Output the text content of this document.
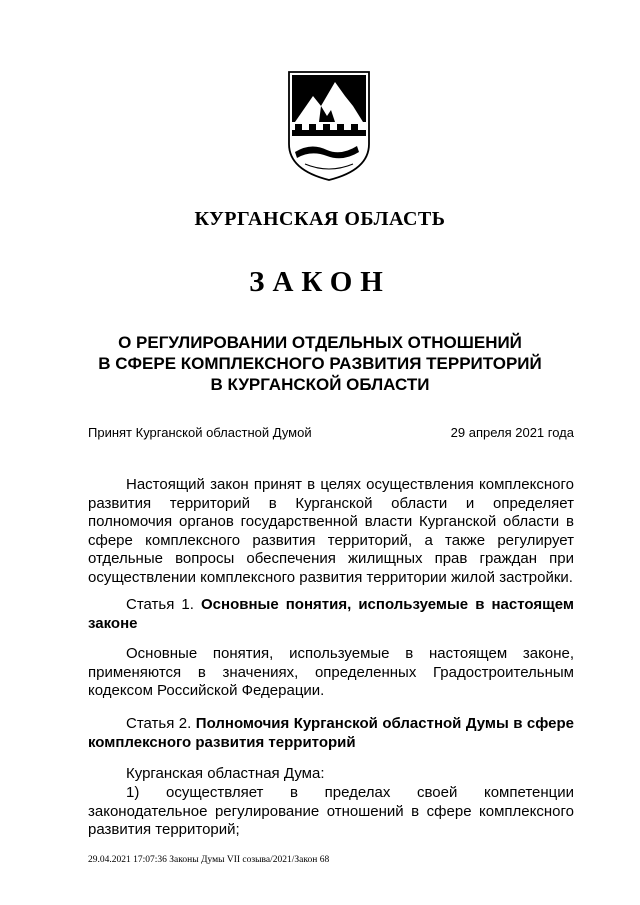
КУРГАНСКАЯ ОБЛАСТЬ
ЗАКОН
О РЕГУЛИРОВАНИИ ОТДЕЛЬНЫХ ОТНОШЕНИЙ
В СФЕРЕ КОМПЛЕКСНОГО РАЗВИТИЯ ТЕРРИТОРИЙ
В КУРГАНСКОЙ ОБЛАСТИ
Принят Курганской областной Думой	29 апреля 2021 года

Настоящий закон принят в целях осуществления комплексного развития территорий в Курганской области и определяет полномочия органов государственной власти Курганской области в сфере комплексного развития территорий, а также регулирует отдельные вопросы обеспечения жилищных прав граждан при осуществлении комплексного развития территории жилой застройки.

Статья 1. Основные понятия, используемые в настоящем законе

Основные понятия, используемые в настоящем законе, применяются в значениях, определенных Градостроительным кодексом Российской Федерации.

Статья 2. Полномочия Курганской областной Думы в сфере комплексного развития территорий

Курганская областная Дума:

1) осуществляет в пределах своей компетенции законодательное регулирование отношений в сфере комплексного развития территорий;

29.04.2021 17:07:36 Законы Думы VII созыва/2021/Закон 68
